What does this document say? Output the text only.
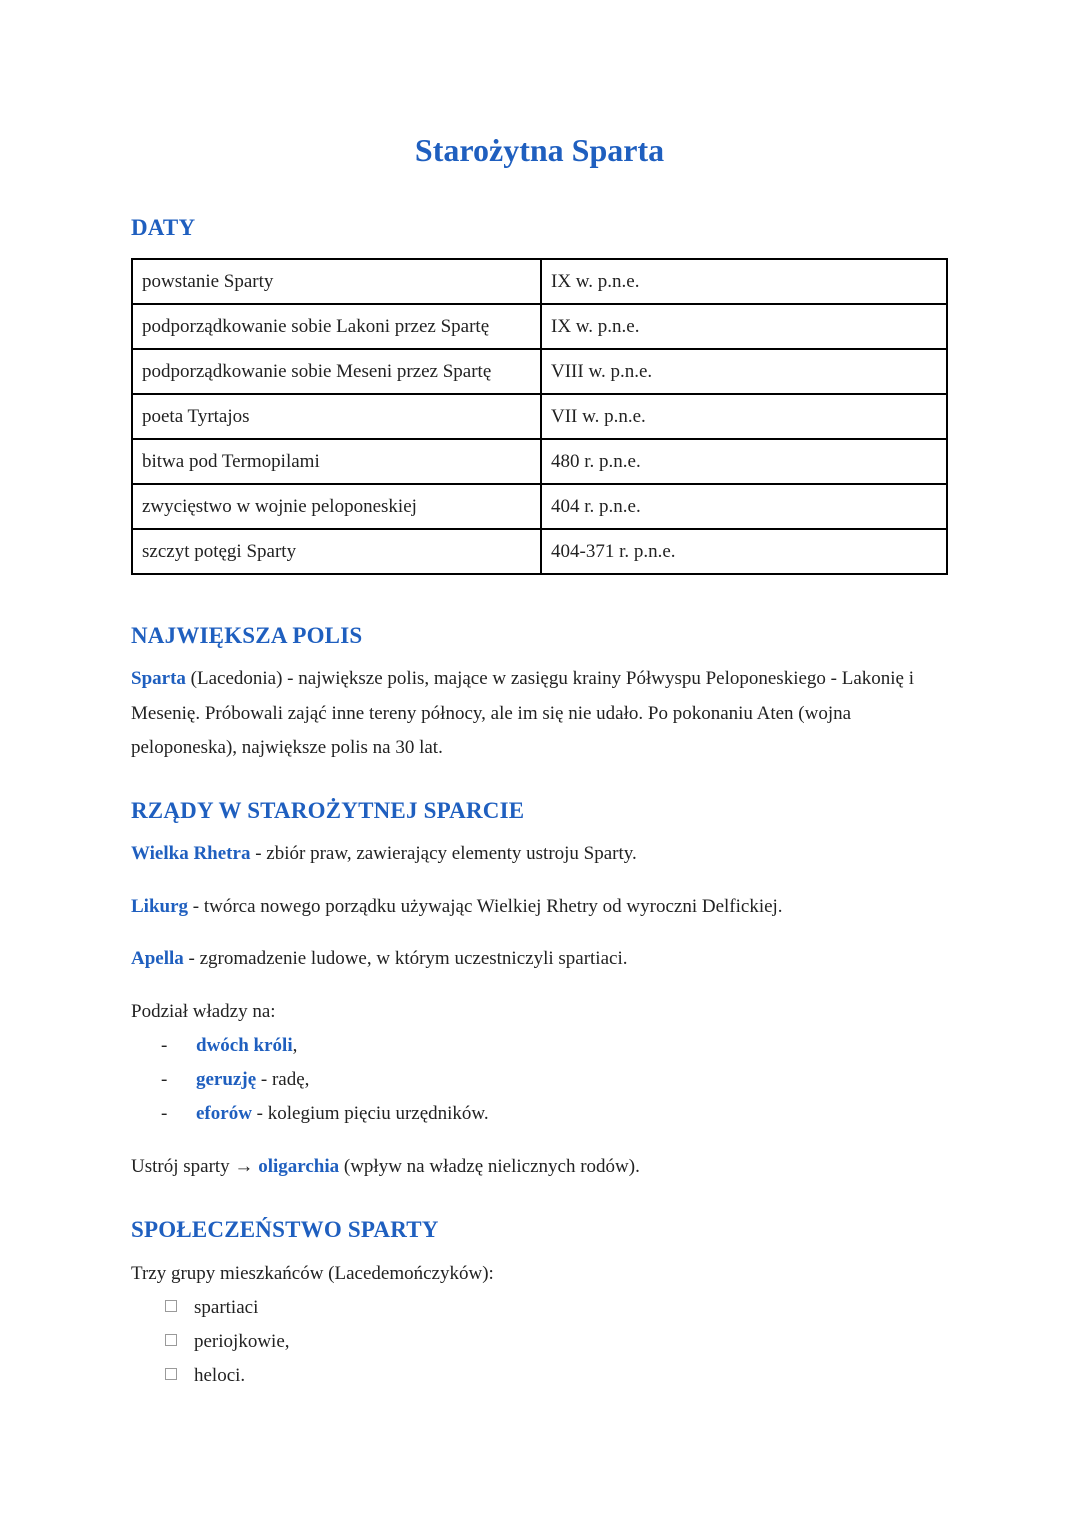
Starożytna Sparta
DATY
powstanie Sparty	IX w. p.n.e.
podporządkowanie sobie Lakoni przez Spartę	IX w. p.n.e.
podporządkowanie sobie Meseni przez Spartę	VIII w. p.n.e.
poeta Tyrtajos	VII w. p.n.e.
bitwa pod Termopilami	480 r. p.n.e.
zwycięstwo w wojnie peloponeskiej	404 r. p.n.e.
szczyt potęgi Sparty	404-371 r. p.n.e.
NAJWIĘKSZA POLIS
Sparta (Lacedonia) - największe polis, mające w zasięgu krainy Półwyspu Peloponeskiego - Lakonię i Mesenię. Próbowali zająć inne tereny północy, ale im się nie udało. Po pokonaniu Aten (wojna peloponeska), największe polis na 30 lat.
RZĄDY W STAROŻYTNEJ SPARCIE
Wielka Rhetra - zbiór praw, zawierający elementy ustroju Sparty.
Likurg - twórca nowego porządku używając Wielkiej Rhetry od wyroczni Delfickiej.
Apella - zgromadzenie ludowe, w którym uczestniczyli spartiaci.
Podział władzy na:
- dwóch króli,
- geruzję - radę,
- eforów - kolegium pięciu urzędników.
Ustrój sparty → oligarchia (wpływ na władzę nielicznych rodów).
SPOŁECZEŃSTWO SPARTY
Trzy grupy mieszkańców (Lacedemończyków):
spartiaci
periojkowie,
heloci.
